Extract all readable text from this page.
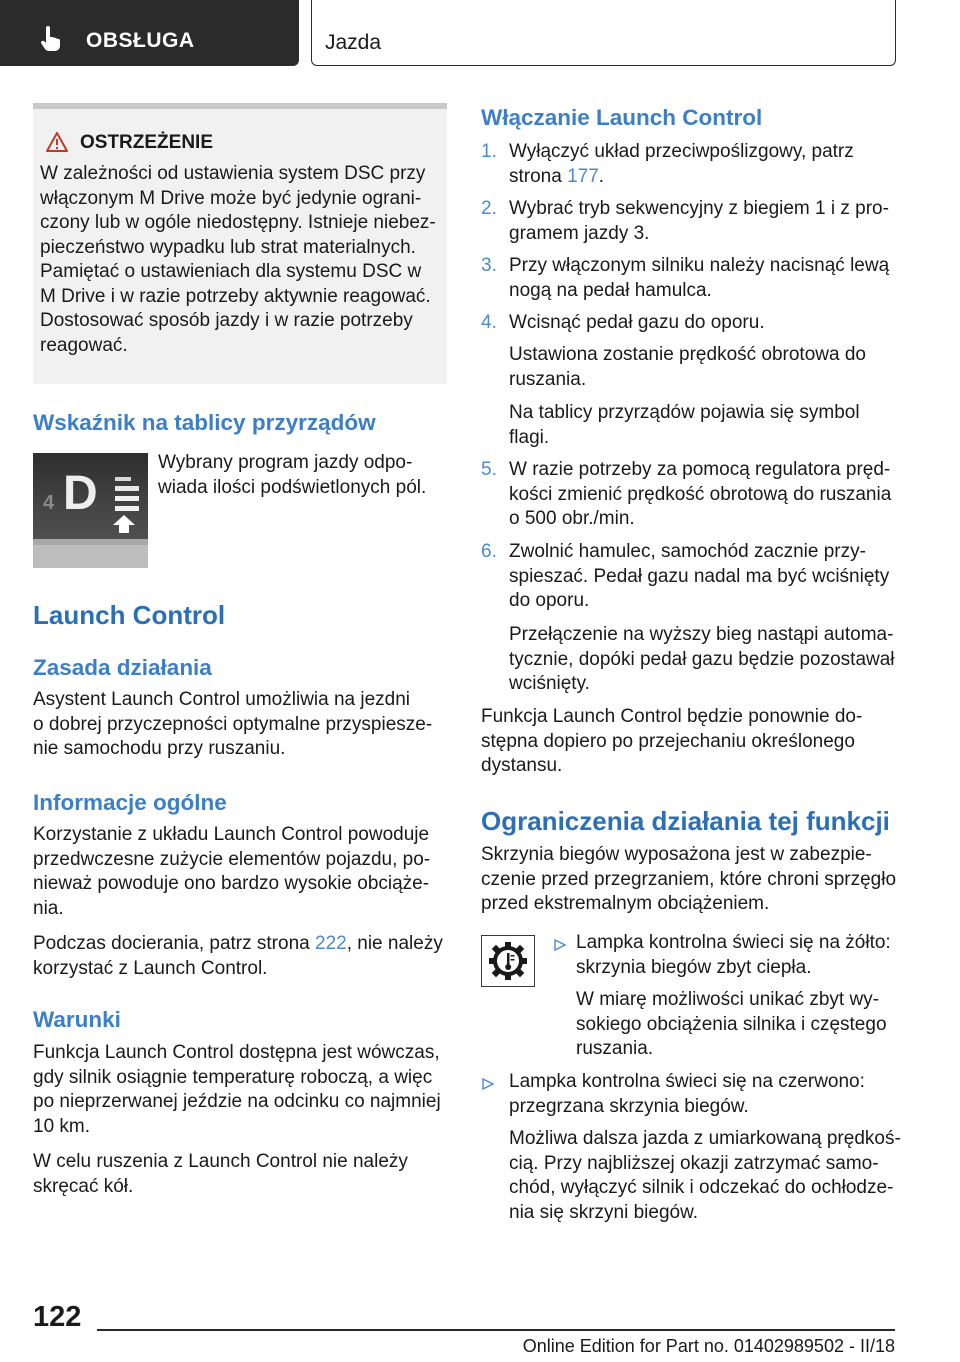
OBSŁUGA	Jazda
OSTRZEŻENIE
W zależności od ustawienia system DSC przy
włączonym M Drive może być jedynie ograni-
czony lub w ogóle niedostępny. Istnieje niebez-
pieczeństwo wypadku lub strat materialnych.
Pamiętać o ustawieniach dla systemu DSC w
M Drive i w razie potrzeby aktywnie reagować.
Dostosować sposób jazdy i w razie potrzeby
reagować.
Wskaźnik na tablicy przyrządów
4 D
Wybrany program jazdy odpo-
wiada ilości podświetlonych pól.
Launch Control
Zasada działania
Asystent Launch Control umożliwia na jezdni
o dobrej przyczepności optymalne przyspiesze-
nie samochodu przy ruszaniu.
Informacje ogólne
Korzystanie z układu Launch Control powoduje
przedwczesne zużycie elementów pojazdu, po-
nieważ powoduje ono bardzo wysokie obciąże-
nia.
Podczas docierania, patrz strona 222, nie należy
korzystać z Launch Control.
Warunki
Funkcja Launch Control dostępna jest wówczas,
gdy silnik osiągnie temperaturę roboczą, a więc
po nieprzerwanej jeździe na odcinku co najmniej
10 km.
W celu ruszenia z Launch Control nie należy
skręcać kół.
Włączanie Launch Control
1. Wyłączyć układ przeciwpoślizgowy, patrz
strona 177.
2. Wybrać tryb sekwencyjny z biegiem 1 i z pro-
gramem jazdy 3.
3. Przy włączonym silniku należy nacisnąć lewą
nogą na pedał hamulca.
4. Wcisnąć pedał gazu do oporu.
Ustawiona zostanie prędkość obrotowa do
ruszania.
Na tablicy przyrządów pojawia się symbol
flagi.
5. W razie potrzeby za pomocą regulatora pręd-
kości zmienić prędkość obrotową do ruszania
o 500 obr./min.
6. Zwolnić hamulec, samochód zacznie przy-
spieszać. Pedał gazu nadal ma być wciśnięty
do oporu.
Przełączenie na wyższy bieg nastąpi automa-
tycznie, dopóki pedał gazu będzie pozostawał
wciśnięty.
Funkcja Launch Control będzie ponownie do-
stępna dopiero po przejechaniu określonego
dystansu.
Ograniczenia działania tej funkcji
Skrzynia biegów wyposażona jest w zabezpie-
czenie przed przegrzaniem, które chroni sprzęgło
przed ekstremalnym obciążeniem.
Lampka kontrolna świeci się na żółto:
skrzynia biegów zbyt ciepła.
W miarę możliwości unikać zbyt wy-
sokiego obciążenia silnika i częstego
ruszania.
Lampka kontrolna świeci się na czerwono:
przegrzana skrzynia biegów.
Możliwa dalsza jazda z umiarkowaną prędkoś-
cią. Przy najbliższej okazji zatrzymać samo-
chód, wyłączyć silnik i odczekać do ochłodze-
nia się skrzyni biegów.
122
Online Edition for Part no. 01402989502 - II/18
